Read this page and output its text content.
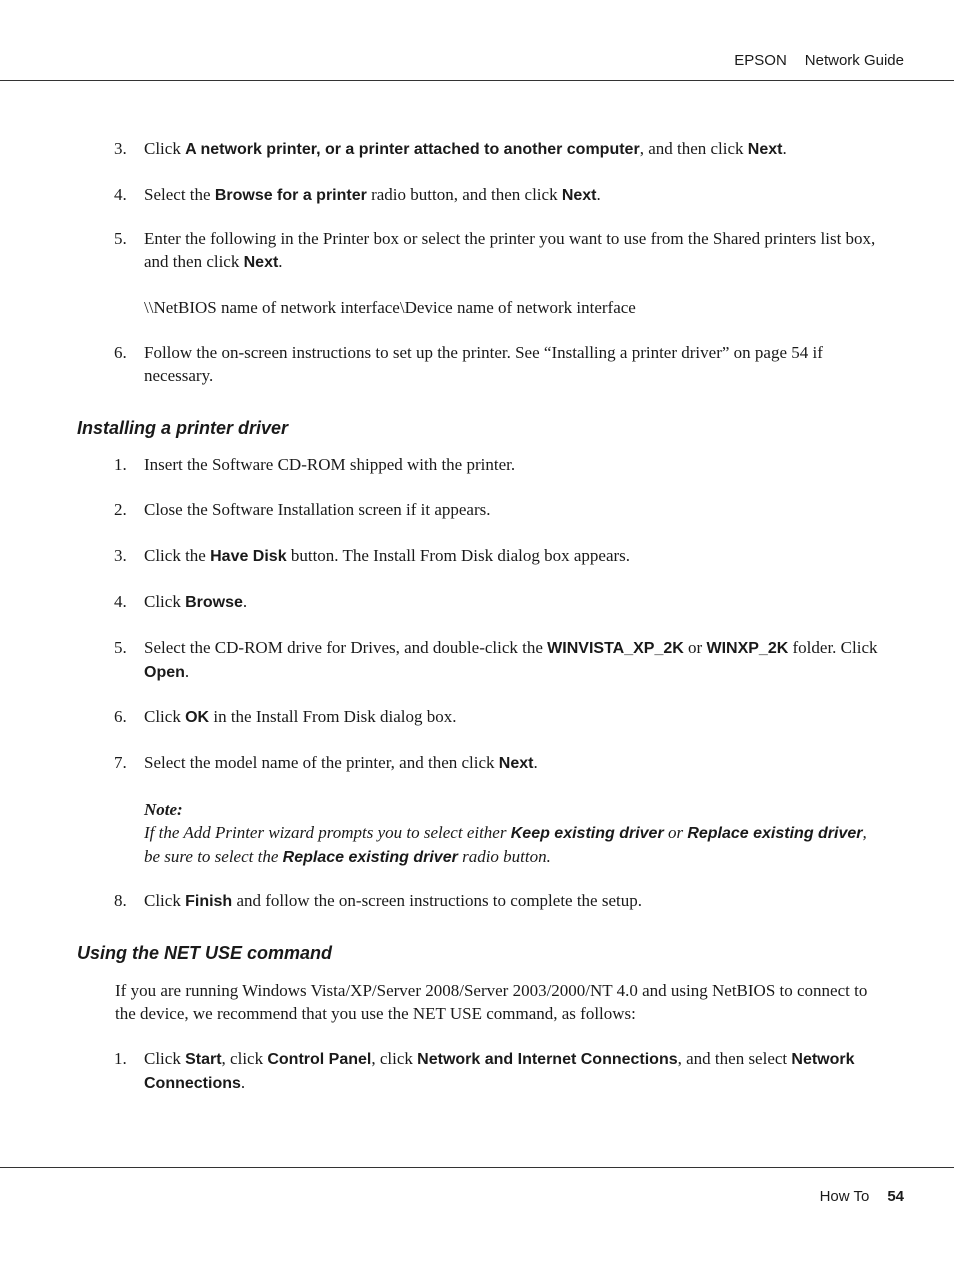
EPSON Network Guide
3. Click A network printer, or a printer attached to another computer, and then click Next.
4. Select the Browse for a printer radio button, and then click Next.
5. Enter the following in the Printer box or select the printer you want to use from the Shared printers list box, and then click Next.
\\NetBIOS name of network interface\Device name of network interface
6. Follow the on-screen instructions to set up the printer. See “Installing a printer driver” on page 54 if necessary.
Installing a printer driver
1. Insert the Software CD-ROM shipped with the printer.
2. Close the Software Installation screen if it appears.
3. Click the Have Disk button. The Install From Disk dialog box appears.
4. Click Browse.
5. Select the CD-ROM drive for Drives, and double-click the WINVISTA_XP_2K or WINXP_2K folder. Click Open.
6. Click OK in the Install From Disk dialog box.
7. Select the model name of the printer, and then click Next.
Note:
If the Add Printer wizard prompts you to select either Keep existing driver or Replace existing driver, be sure to select the Replace existing driver radio button.
8. Click Finish and follow the on-screen instructions to complete the setup.
Using the NET USE command
If you are running Windows Vista/XP/Server 2008/Server 2003/2000/NT 4.0 and using NetBIOS to connect to the device, we recommend that you use the NET USE command, as follows:
1. Click Start, click Control Panel, click Network and Internet Connections, and then select Network Connections.
How To 54
